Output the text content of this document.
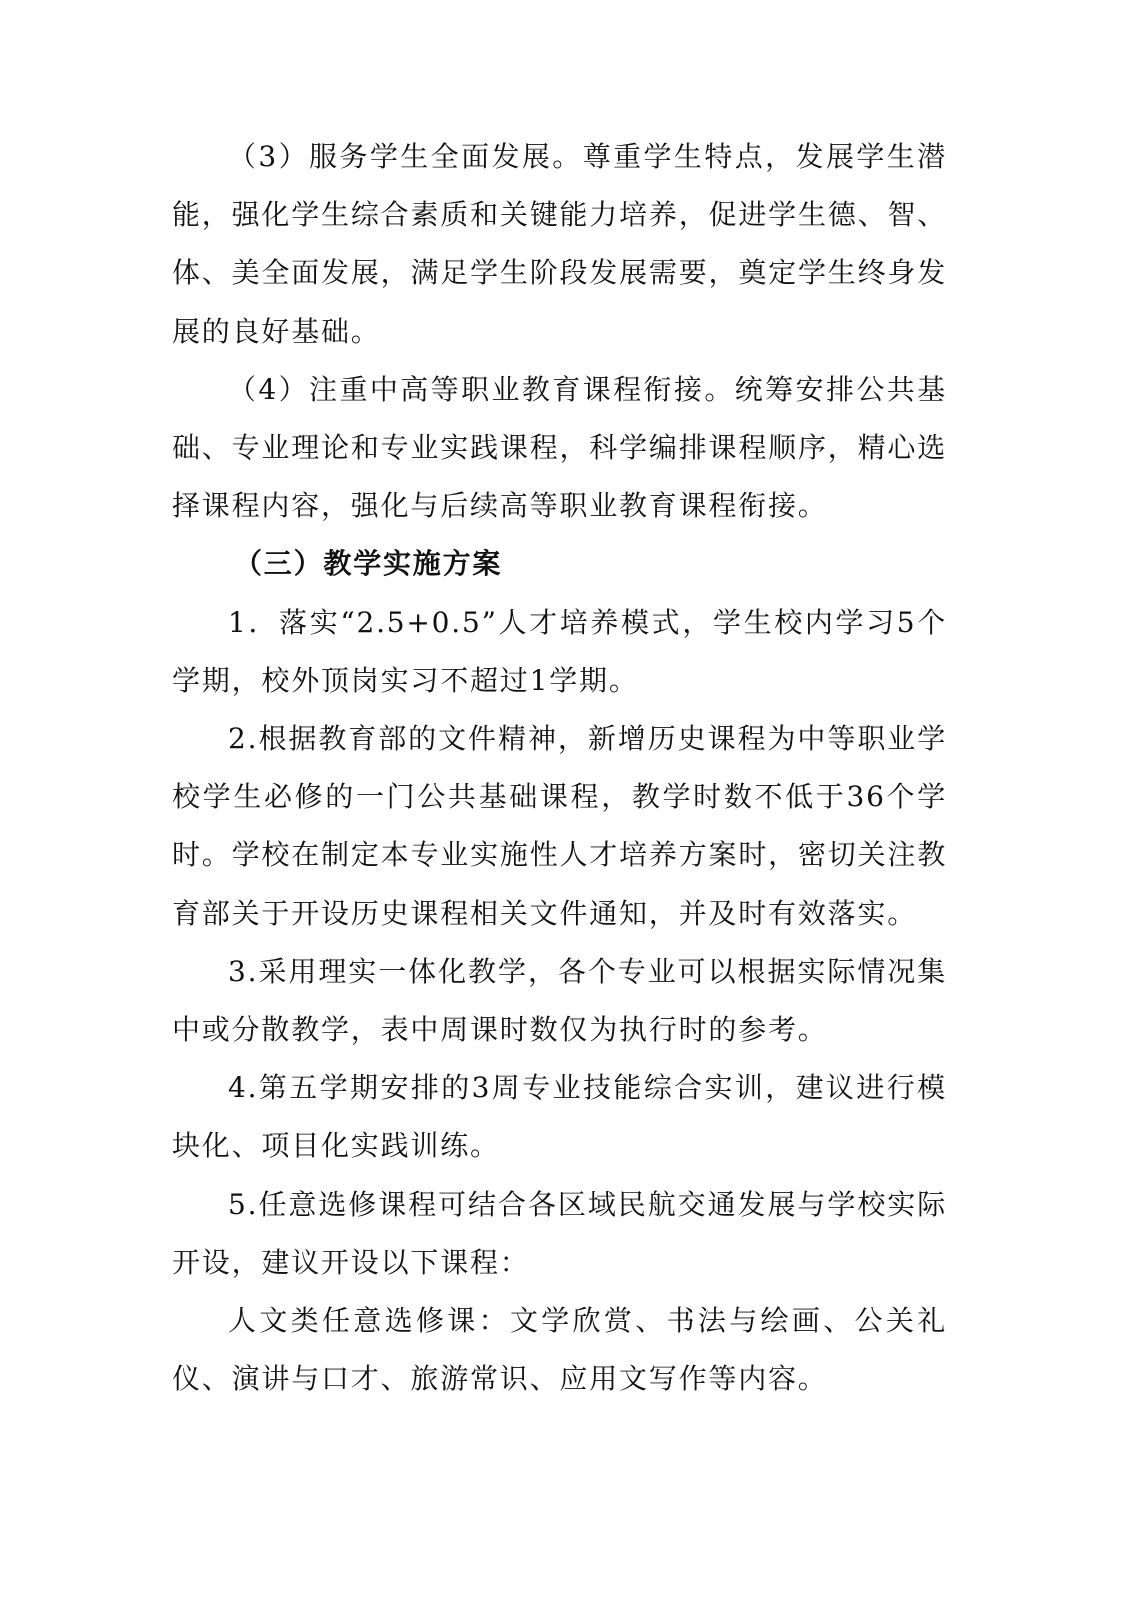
（3）服务学生全面发展。尊重学生特点，发展学生潜能，强化学生综合素质和关键能力培养，促进学生德、智、体、美全面发展，满足学生阶段发展需要，奠定学生终身发展的良好基础。

（4）注重中高等职业教育课程衔接。统筹安排公共基础、专业理论和专业实践课程，科学编排课程顺序，精心选择课程内容，强化与后续高等职业教育课程衔接。

（三）教学实施方案

1．落实“2.5+0.5”人才培养模式，学生校内学习5个学期，校外顶岗实习不超过1学期。

2.根据教育部的文件精神，新增历史课程为中等职业学校学生必修的一门公共基础课程，教学时数不低于36个学时。学校在制定本专业实施性人才培养方案时，密切关注教育部关于开设历史课程相关文件通知，并及时有效落实。

3.采用理实一体化教学，各个专业可以根据实际情况集中或分散教学，表中周课时数仅为执行时的参考。

4.第五学期安排的3周专业技能综合实训，建议进行模块化、项目化实践训练。

5.任意选修课程可结合各区域民航交通发展与学校实际开设，建议开设以下课程：

人文类任意选修课：文学欣赏、书法与绘画、公关礼仪、演讲与口才、旅游常识、应用文写作等内容。
